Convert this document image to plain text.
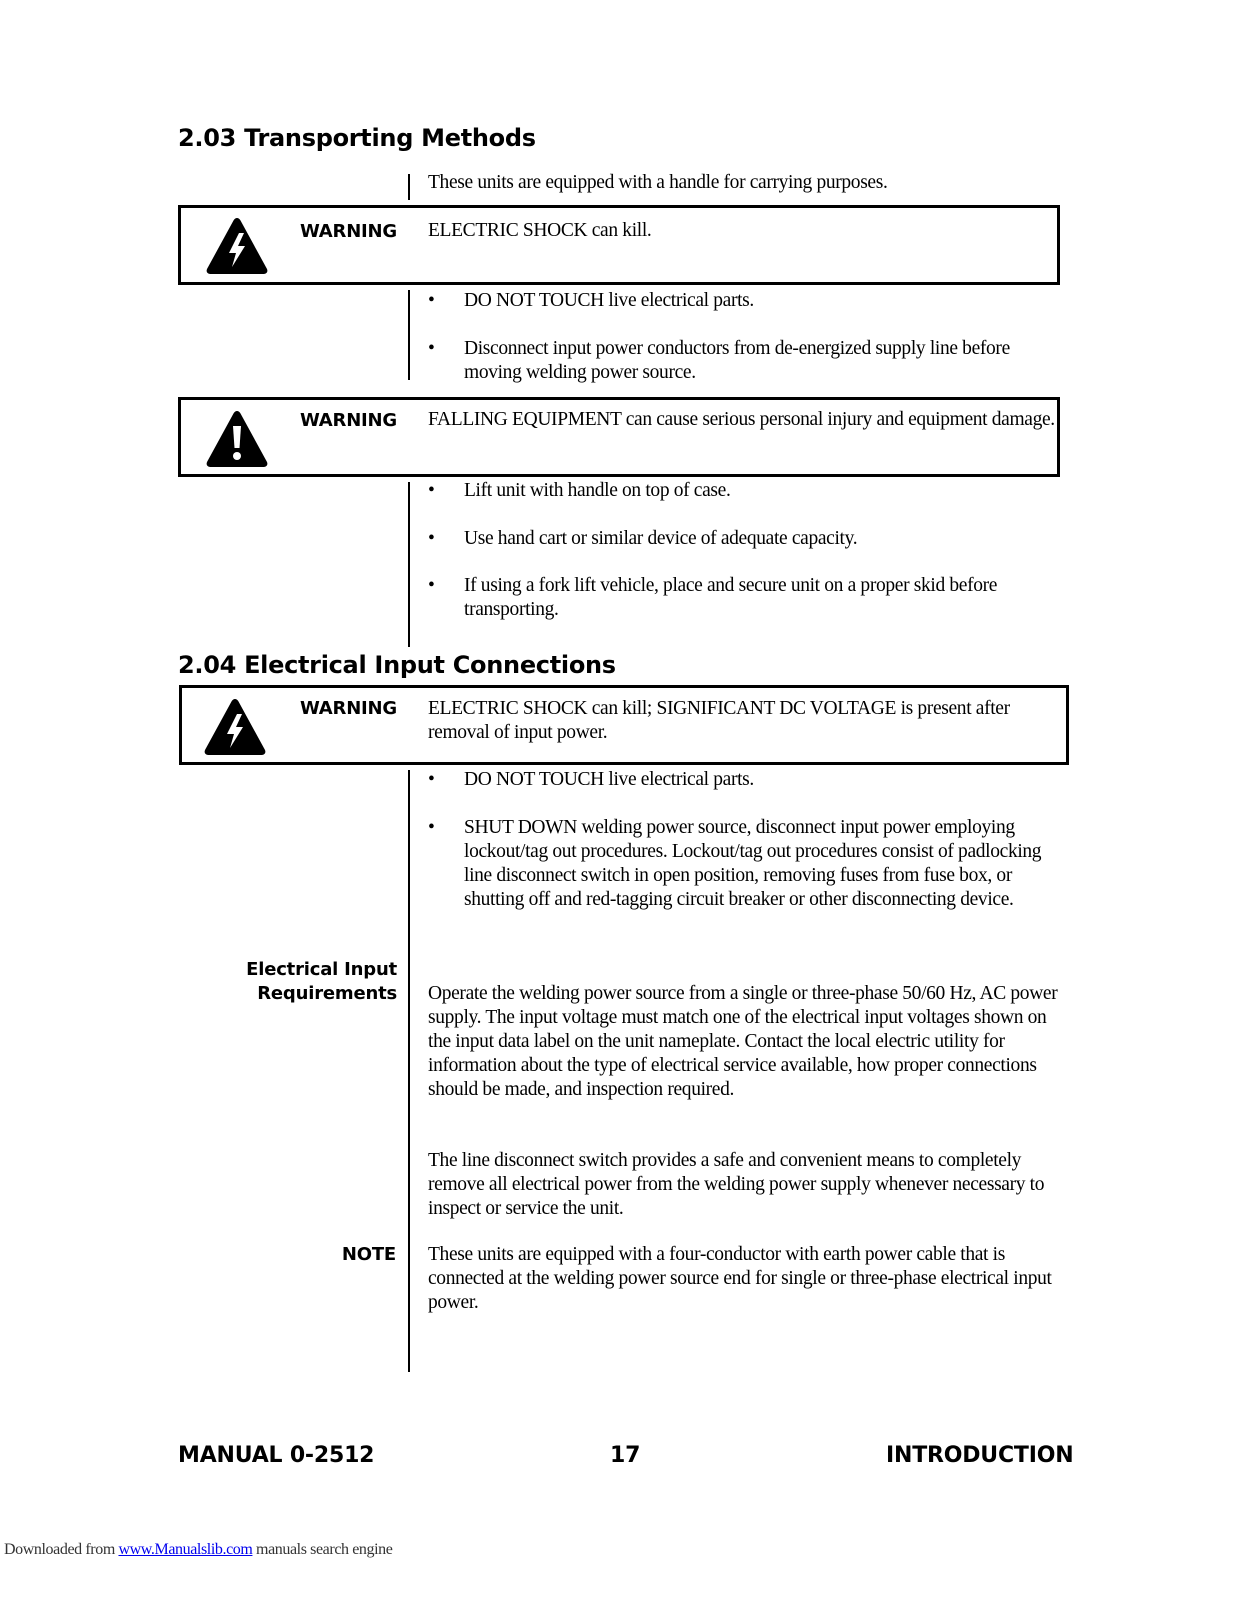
2.03 Transporting Methods
These units are equipped with a handle for carrying purposes.
WARNING ELECTRIC SHOCK can kill.
• DO NOT TOUCH live electrical parts.
• Disconnect input power conductors from de-energized supply line before moving welding power source.
WARNING FALLING EQUIPMENT can cause serious personal injury and equipment damage.
• Lift unit with handle on top of case.
• Use hand cart or similar device of adequate capacity.
• If using a fork lift vehicle, place and secure unit on a proper skid before transporting.
2.04 Electrical Input Connections
WARNING ELECTRIC SHOCK can kill; SIGNIFICANT DC VOLTAGE is present after removal of input power.
• DO NOT TOUCH live electrical parts.
• SHUT DOWN welding power source, disconnect input power employing lockout/tag out procedures. Lockout/tag out procedures consist of padlocking line disconnect switch in open position, removing fuses from fuse box, or shutting off and red-tagging circuit breaker or other disconnecting device.
Electrical Input
Requirements Operate the welding power source from a single or three-phase 50/60 Hz, AC power supply. The input voltage must match one of the electrical input voltages shown on the input data label on the unit nameplate. Contact the local electric utility for information about the type of electrical service available, how proper connections should be made, and inspection required.
The line disconnect switch provides a safe and convenient means to completely remove all electrical power from the welding power supply whenever necessary to inspect or service the unit.
NOTE These units are equipped with a four-conductor with earth power cable that is connected at the welding power source end for single or three-phase electrical input power.
MANUAL 0-2512	17	INTRODUCTION
Downloaded from www.Manualslib.com manuals search engine
